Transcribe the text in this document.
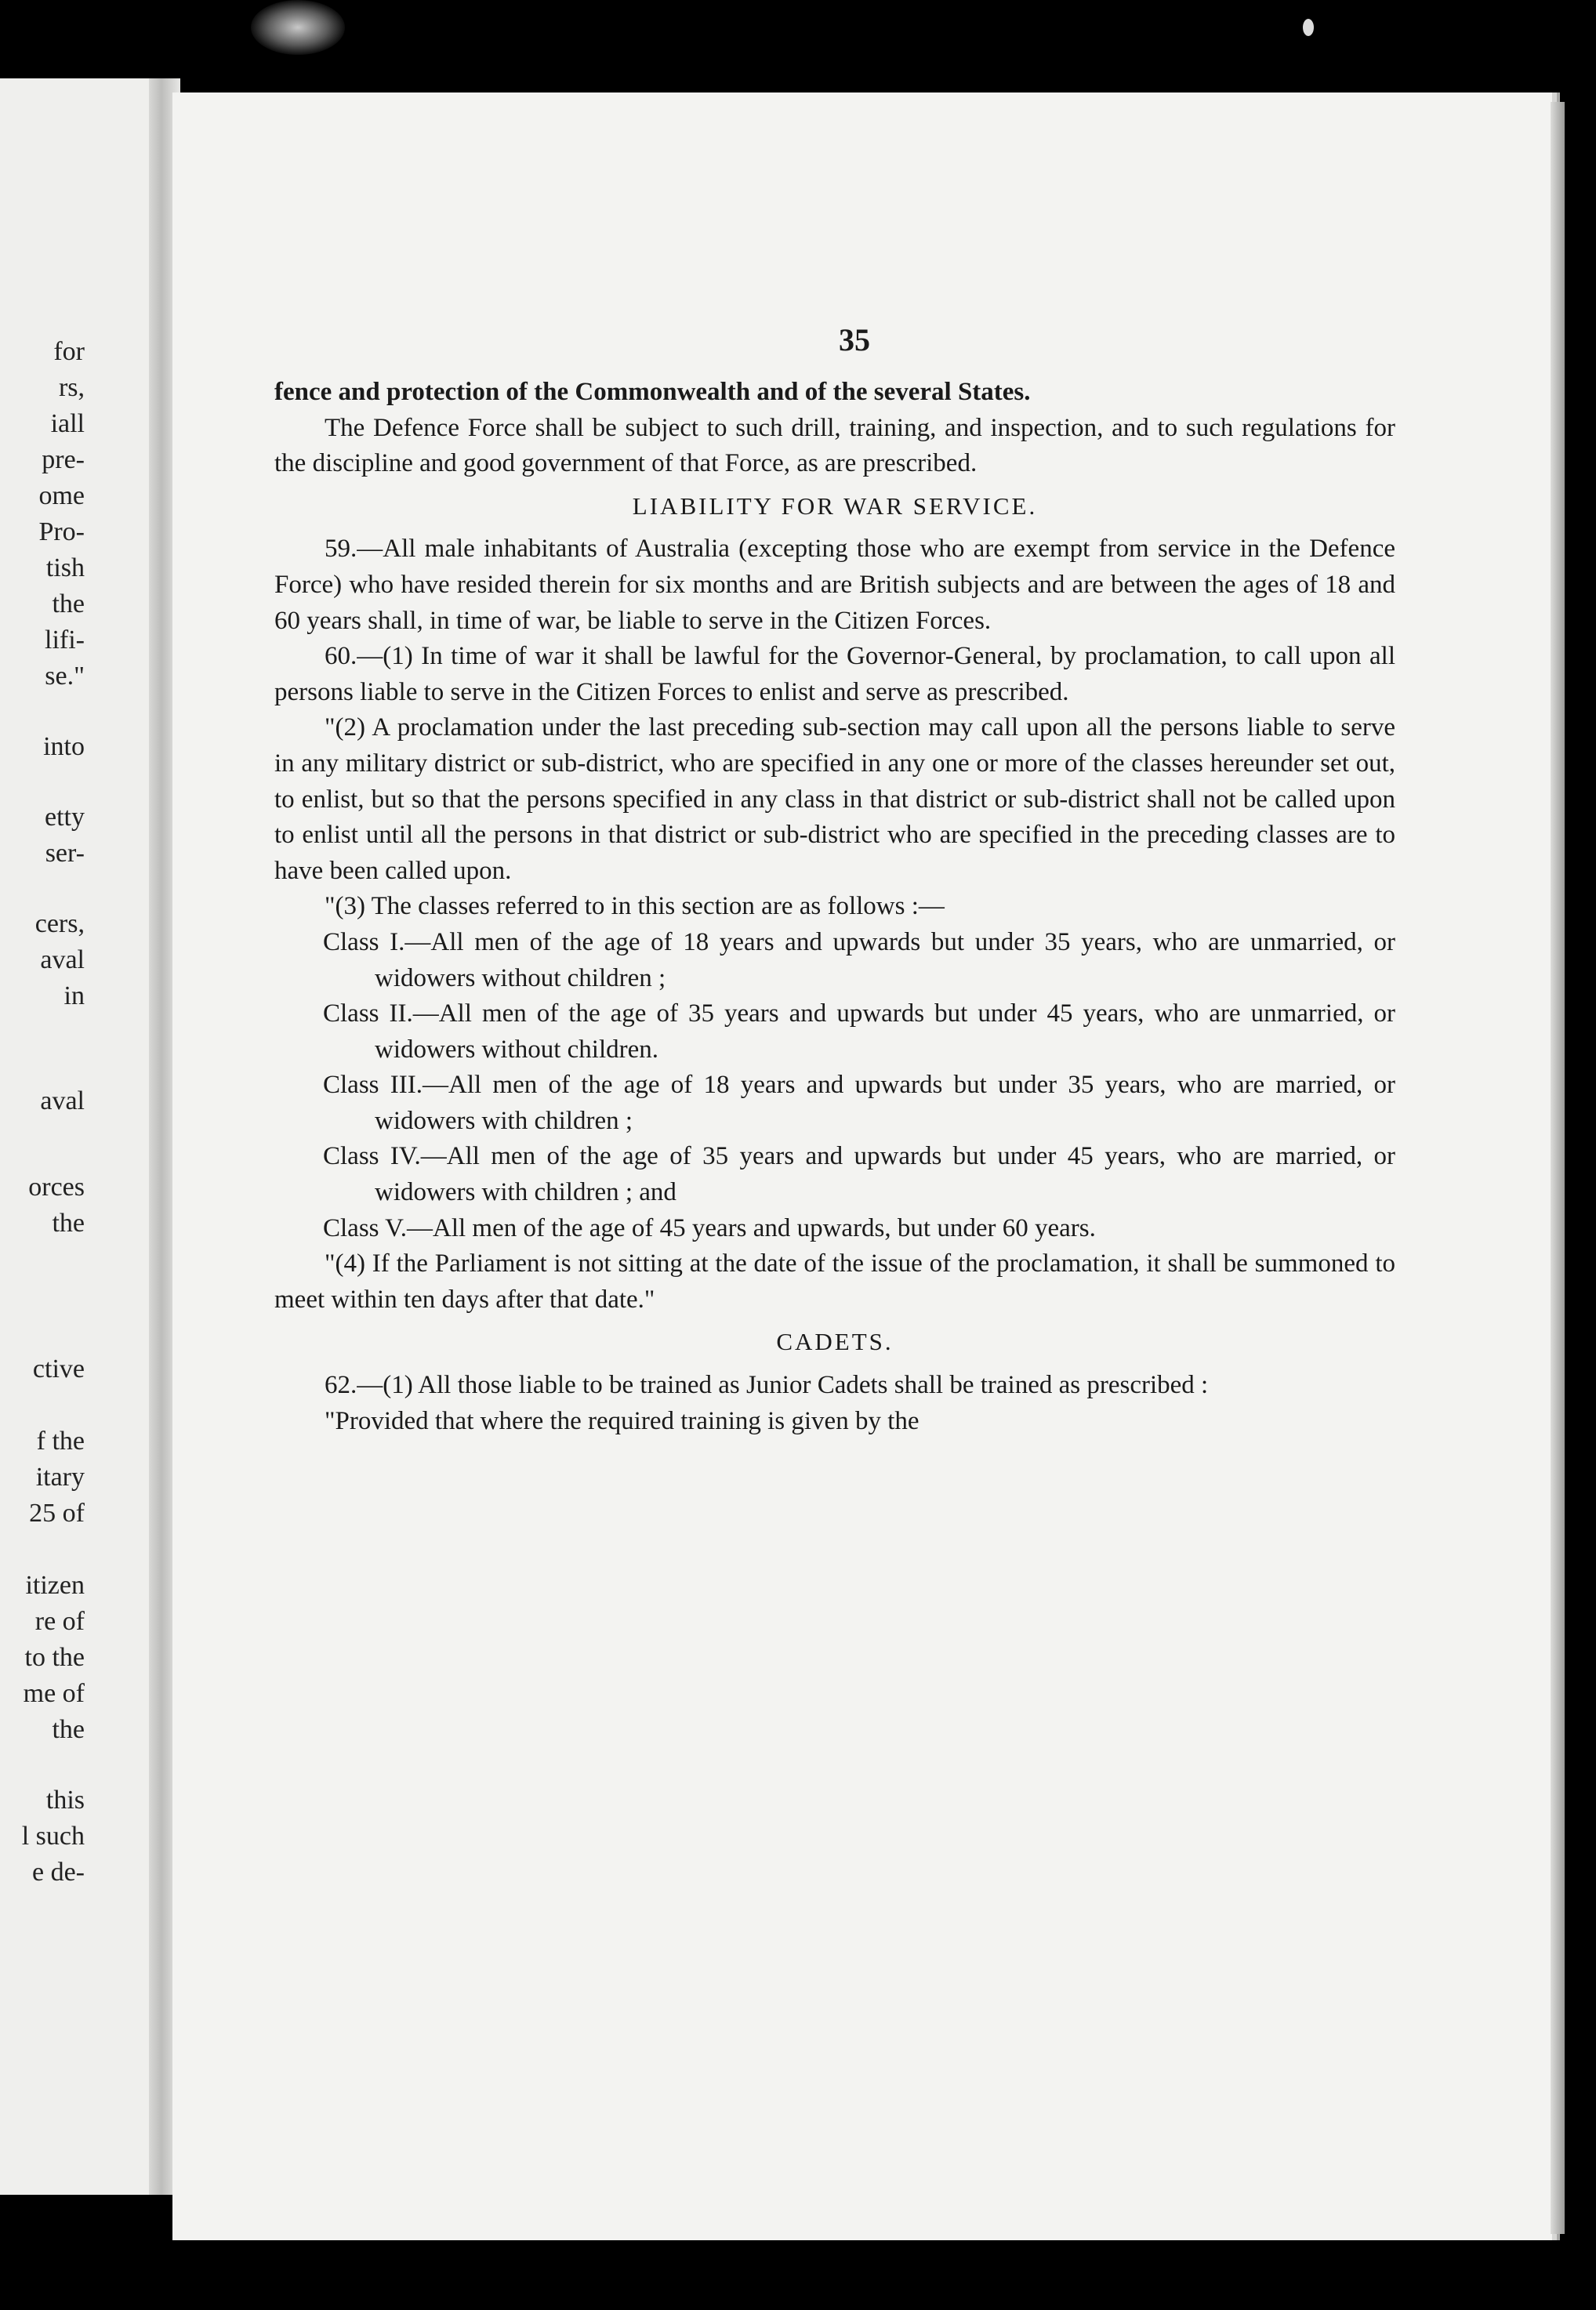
for
rs,
iall
pre-
ome
Pro-
tish
the
lifi-
se."
into
etty
ser-
cers,
aval
in
aval
orces
the
ctive
f the
itary
25 of
itizen
re of
to the
me of
the
this
l such
e de-
35

fence and protection of the Commonwealth and of the several States.

The Defence Force shall be subject to such drill, training, and inspection, and to such regulations for the discipline and good government of that Force, as are prescribed.

LIABILITY FOR WAR SERVICE.

59.—All male inhabitants of Australia (excepting those who are exempt from service in the Defence Force) who have resided therein for six months and are British subjects and are between the ages of 18 and 60 years shall, in time of war, be liable to serve in the Citizen Forces.

60.—(1) In time of war it shall be lawful for the Governor-General, by proclamation, to call upon all persons liable to serve in the Citizen Forces to enlist and serve as prescribed.

"(2) A proclamation under the last preceding sub-section may call upon all the persons liable to serve in any military district or sub-district, who are specified in any one or more of the classes hereunder set out, to enlist, but so that the persons specified in any class in that district or sub-district shall not be called upon to enlist until all the persons in that district or sub-district who are specified in the preceding classes are to have been called upon.

"(3) The classes referred to in this section are as follows :—

Class I.—All men of the age of 18 years and upwards but under 35 years, who are unmarried, or widowers without children ;

Class II.—All men of the age of 35 years and upwards but under 45 years, who are unmarried, or widowers without children.

Class III.—All men of the age of 18 years and upwards but under 35 years, who are married, or widowers with children ;

Class IV.—All men of the age of 35 years and upwards but under 45 years, who are married, or widowers with children ; and

Class V.—All men of the age of 45 years and upwards, but under 60 years.

"(4) If the Parliament is not sitting at the date of the issue of the proclamation, it shall be summoned to meet within ten days after that date."

CADETS.

62.—(1) All those liable to be trained as Junior Cadets shall be trained as prescribed :

"Provided that where the required training is given by the
